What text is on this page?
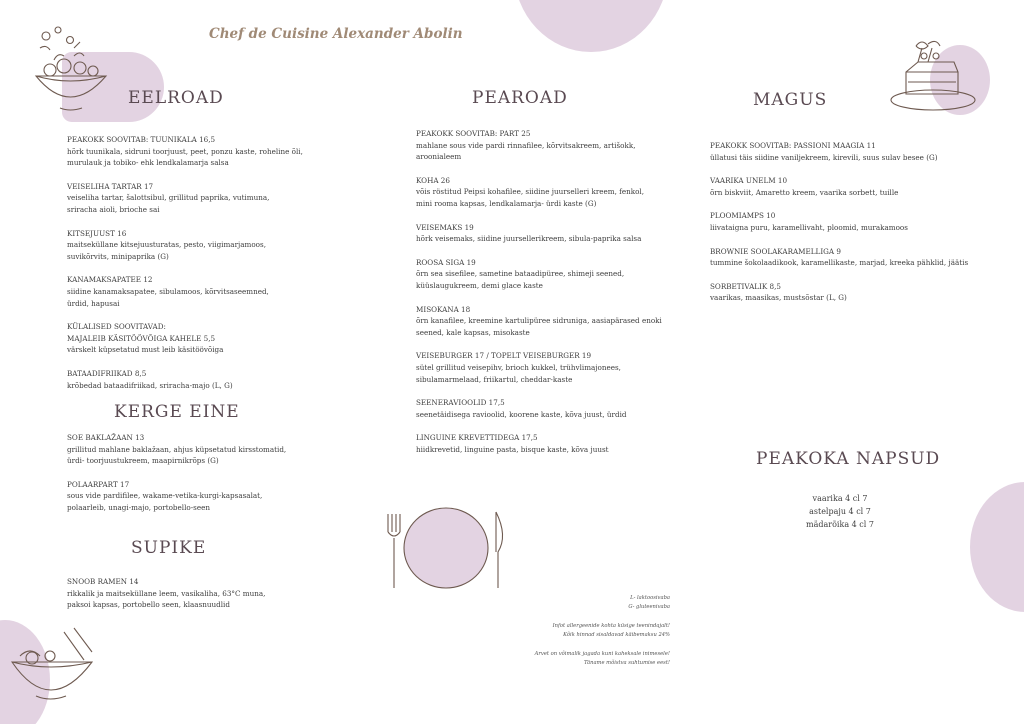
Chef de Cuisine Alexander Abolin
EELROAD
KERGE EINE
SUPIKE
PEAROAD	MAGUS
PEAKOKA NAPSUD
PEAKOKK SOOVITAB: TUUNIKALA 16,5
hõrk tuunikala, sidruni toorjuust, peet, ponzu kaste, roheline õli,
murulauk ja tobiko- ehk lendkalamarja salsa
VEISELIHA TARTAR 17
veiseliha tartar, šalottsibul, grillitud paprika, vutimuna,
sriracha aioli, brioche sai
KITSEJUUST 16
maitseküllane kitsejuusturatas, pesto, viigimarjamoos,
suvikõrvits, minipaprika (G)
KANAMAKSAPATEE 12
siidine kanamaksapatee, sibulamoos, kõrvitsaseemned,
ürdid, hapusai
KÜLALISED SOOVITAVAD:
MAJALEIB KÄSITÖÖVÕIGA KAHELE 5,5
värskelt küpsetatud must leib käsitöövõiga
BATAADIFRIIKAD 8,5
krõbedad bataadifriikad, sriracha-majo (L, G)
SOE BAKLAŽAAN 13
grillitud mahlane baklažaan, ahjus küpsetatud kirsstomatid,
ürdi- toorjuustukreem, maapirnikrõps (G)
POLAARPART 17
sous vide pardifilee, wakame-vetika-kurgi-kapsasalat,
polaarleib, unagi-majo, portobello-seen
SNOOB RAMEN 14
rikkalik ja maitseküllane leem, vasikaliha, 63°C muna,
paksoi kapsas, portobello seen, klaasnuudlid
PEAKOKK SOOVITAB: PART 25
mahlane sous vide pardi rinnafilee, kõrvitsakreem, artišokk,
aroonialeem
KOHA 26
võis röstitud Peipsi kohafilee, siidine juurselleri kreem, fenkol,
mini rooma kapsas, lendkalamarja- ürdi kaste (G)
VEISEMAKS 19
hõrk veisemaks, siidine juursellerikreem, sibula-paprika salsa
ROOSA SIGA 19
õrn sea sisefilee, sametine bataadipüree, shimeji seened,
küüslaugukreem, demi glace kaste
MISOKANA 18
õrn kanafilee, kreemine kartulipüree sidruniga, aasiapärased enoki
seened, kale kapsas, misokaste
VEISEBURGER 17 / TOPELT VEISEBURGER 19
sütel grillitud veisepihv, brioch kukkel, trühvlimajonees,
sibulamarmelaad, friikartul, cheddar-kaste
SEENERAVIOOLID 17,5
seenetäidisega ravioolid, koorene kaste, kõva juust, ürdid
LINGUINE KREVETTIDEGA 17,5
hiidkrevetid, linguine pasta, bisque kaste, kõva juust
PEAKOKK SOOVITAB: PASSIONI MAAGIA 11
üllatusi täis siidine vaniljekreem, kirevili, suus sulav besee (G)
VAARIKA UNELM 10
õrn biskviit, Amaretto kreem, vaarika sorbett, tuille
PLOOMIAMPS 10
liivataigna puru, karamellivaht, ploomid, murakamoos
BROWNIE SOOLAKARAMELLIGA 9
tummine šokolaadikook, karamellikaste, marjad, kreeka pähklid, jäätis
SORBETIVALIK 8,5
vaarikas, maasikas, mustsõstar (L, G)
vaarika 4 cl 7
astelpaju 4 cl 7
mädarõika 4 cl 7
L- laktoosivaba
G- gluteenivaba
Infot allergeenide kohta küsige teenindajalt!
Kõik hinnad sisaldavad käibemaksu 24%
Arvet on võimalik jagada kuni kaheksale inimesele!
Täname mõistva suhtumise eest!
